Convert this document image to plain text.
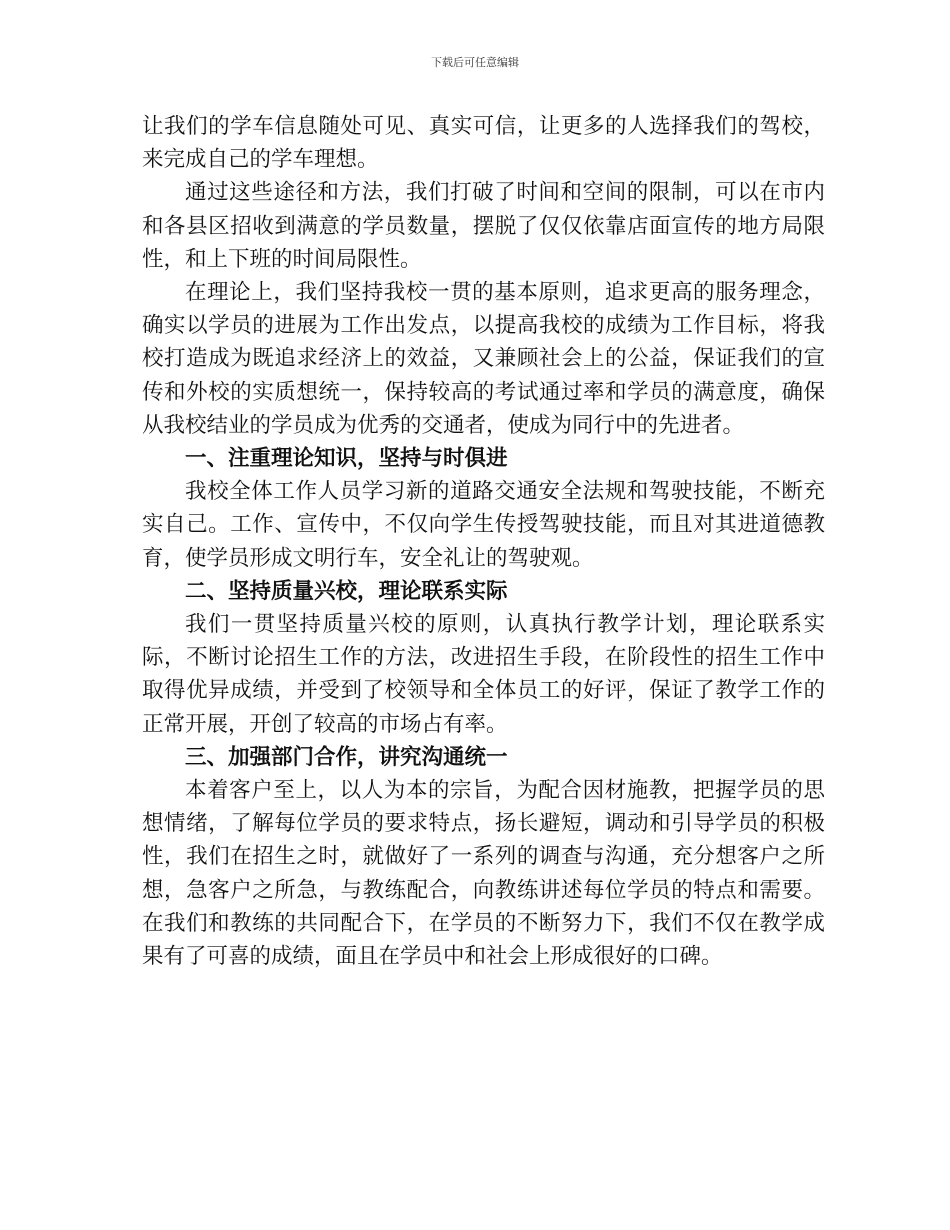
下载后可任意编辑

让我们的学车信息随处可见、真实可信，让更多的人选择我们的驾校，来完成自己的学车理想。

通过这些途径和方法，我们打破了时间和空间的限制，可以在市内和各县区招收到满意的学员数量，摆脱了仅仅依靠店面宣传的地方局限性，和上下班的时间局限性。

在理论上，我们坚持我校一贯的基本原则，追求更高的服务理念，确实以学员的进展为工作出发点，以提高我校的成绩为工作目标，将我校打造成为既追求经济上的效益，又兼顾社会上的公益，保证我们的宣传和外校的实质想统一，保持较高的考试通过率和学员的满意度，确保从我校结业的学员成为优秀的交通者，使成为同行中的先进者。

一、注重理论知识，坚持与时俱进

我校全体工作人员学习新的道路交通安全法规和驾驶技能，不断充实自己。工作、宣传中，不仅向学生传授驾驶技能，而且对其进道德教育，使学员形成文明行车，安全礼让的驾驶观。

二、坚持质量兴校，理论联系实际

我们一贯坚持质量兴校的原则，认真执行教学计划，理论联系实际，不断讨论招生工作的方法，改进招生手段，在阶段性的招生工作中取得优异成绩，并受到了校领导和全体员工的好评，保证了教学工作的正常开展，开创了较高的市场占有率。

三、加强部门合作，讲究沟通统一

本着客户至上，以人为本的宗旨，为配合因材施教，把握学员的思想情绪，了解每位学员的要求特点，扬长避短，调动和引导学员的积极性，我们在招生之时，就做好了一系列的调查与沟通，充分想客户之所想，急客户之所急，与教练配合，向教练讲述每位学员的特点和需要。在我们和教练的共同配合下，在学员的不断努力下，我们不仅在教学成果有了可喜的成绩，面且在学员中和社会上形成很好的口碑。
